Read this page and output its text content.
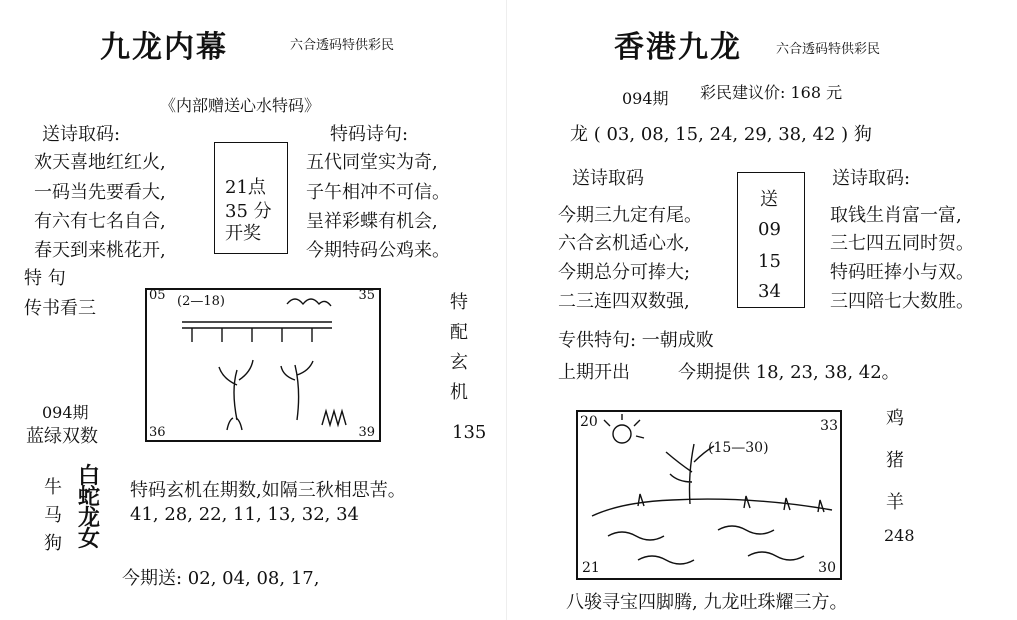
九龙内幕	六合透码特供彩民
《内部赠送心水特码》
送诗取码:	特码诗句:
欢天喜地红红火,
一码当先要看大,
有六有七名自合,
春天到来桃花开,
21点
35 分
开奖
五代同堂实为奇,
子午相冲不可信。
呈祥彩蝶有机会,
今期特码公鸡来。
特 句
传书看三
05	35
36	39
(2—18)	特
配
玄
机
135
094期
蓝绿双数
牛
马
狗
白
蛇
龙
女
特码玄机在期数,如隔三秋相思苦。
41, 28, 22, 11, 13, 32, 34
今期送: 02, 04, 08, 17,
香港九龙	六合透码特供彩民
094期 彩民建议价: 168 元
龙 ( 03, 08, 15, 24, 29, 38, 42 ) 狗
送诗取码	送诗取码:
今期三九定有尾。
六合玄机适心水,
今期总分可捧大;
二三连四双数强,
送
09
15
34
取钱生肖富一富,
三七四五同时贺。
特码旺捧小与双。
三四陪七大数胜。
专供特句: 一朝成败
上期开出	今期提供 18, 23, 38, 42。
20	33
21	30
(15—30)
鸡
猪
羊
248
八骏寻宝四脚腾, 九龙吐珠耀三方。
